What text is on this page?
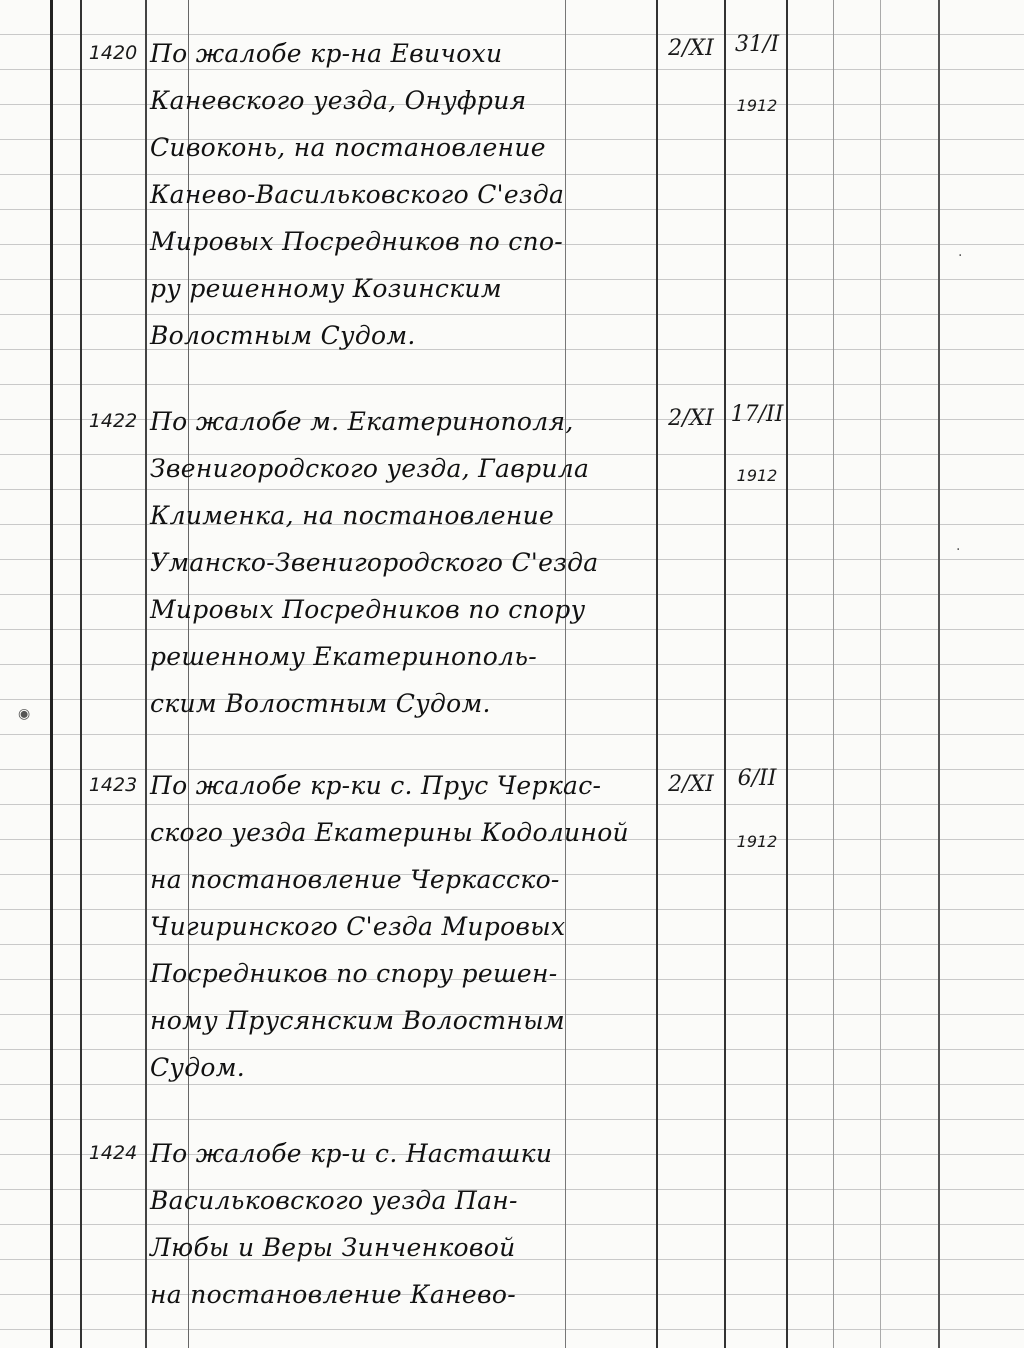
1420 По жалобе кр-на Евичохи
Каневского уезда, Онуфрия
Сивоконь, на постановление
Канево-Васильковского С'езда
Мировых Посредников по спо-
ру решенному Козинским
Волостным Судом.
2/XI 31/I
1912
1422 По жалобе м. Екатеринополя,
Звенигородского уезда, Гаврила
Клименка, на постановление
Уманско-Звенигородского С'езда
Мировых Посредников по спору
решенному Екатеринополь-
ским Волостным Судом.
2/XI 17/II
1912
1423 По жалобе кр-ки с. Прус Черкас-
ского уезда Екатерины Кодолиной
на постановление Черкасско-
Чигиринского С'езда Мировых
Посредников по спору решен-
ному Прусянским Волостным
Судом.
2/XI	6/II
1912
1424 По жалобе кр-и с. Насташки
Васильковского уезда Пан-
Любы и Веры Зинченковой
на постановление Канево-
◉
·
·
